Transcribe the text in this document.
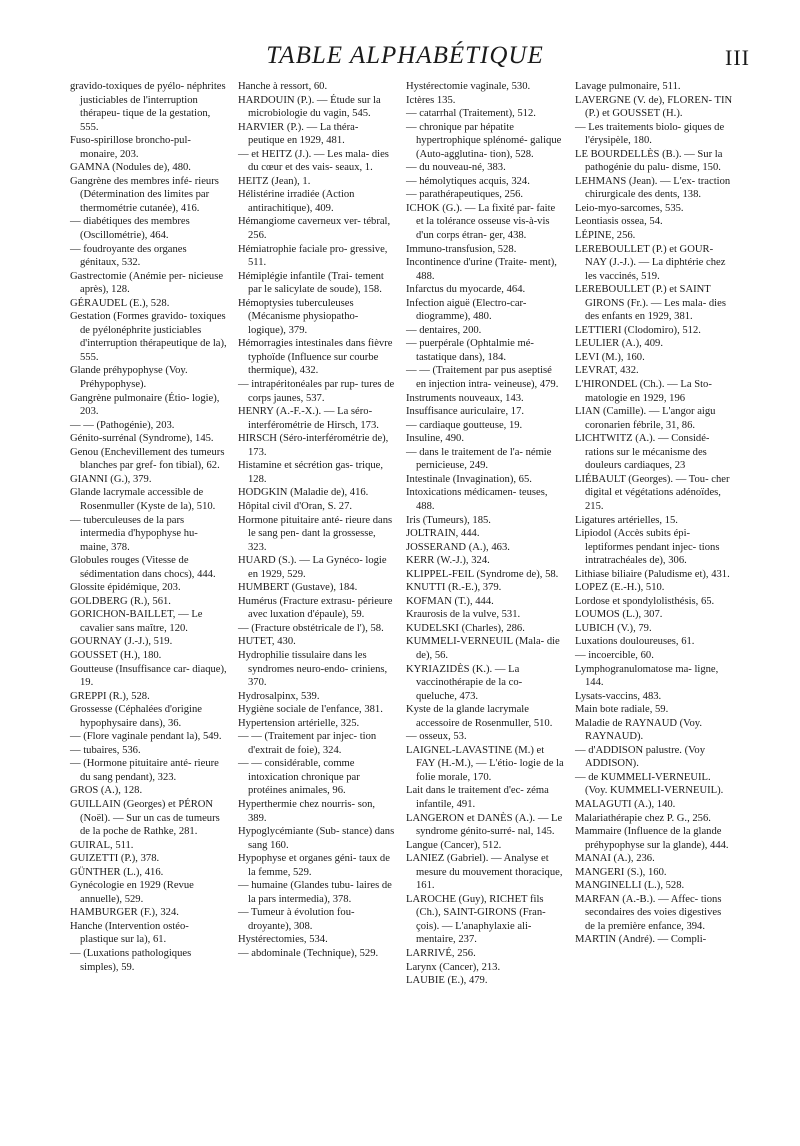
TABLE ALPHABÉTIQUE	III

gravido-toxiques de pyélo- néphrites justiciables de l'interruption thérapeu- tique de la gestation, 555.

Fuso-spirillose broncho-pul- monaire, 203.

GAMNA (Nodules de), 480.

Gangrène des membres infé- rieurs (Détermination des limites par thermométrie cutanée), 416.

— diabétiques des membres (Oscillométrie), 464.

— foudroyante des organes génitaux, 532.

Gastrectomie (Anémie per- nicieuse après), 128.

GÉRAUDEL (E.), 528.

Gestation (Formes gravido- toxiques de pyélonéphrite justiciables d'interruption thérapeutique de la), 555.

Glande préhypophyse (Voy. Préhypophyse).

Gangrène pulmonaire (Étio- logie), 203.

— — (Pathogénie), 203.

Génito-surrénal (Syndrome), 145.

Genou (Enchevillement des tumeurs blanches par gref- fon tibial), 62.

GIANNI (G.), 379.

Glande lacrymale accessible de Rosenmuller (Kyste de la), 510.

— tuberculeuses de la pars intermedia d'hypophyse hu- maine, 378.

Globules rouges (Vitesse de sédimentation dans chocs), 444.

Glossite épidémique, 203.

GOLDBERG (R.), 561.

GORICHON-BAILLET, — Le cavalier sans maître, 120.

GOURNAY (J.-J.), 519.

GOUSSET (H.), 180.

Goutteuse (Insuffisance car- diaque), 19.

GREPPI (R.), 528.

Grossesse (Céphalées d'origine hypophysaire dans), 36.

— (Flore vaginale pendant la), 549.

— tubaires, 536.

— (Hormone pituitaire anté- rieure du sang pendant), 323.

GROS (A.), 128.

GUILLAIN (Georges) et PÉRON (Noël). — Sur un cas de tumeurs de la poche de Rathke, 281.

GUIRAL, 511.

GUIZETTI (P.), 378.

GÜNTHER (L.), 416.

Gynécologie en 1929 (Revue annuelle), 529.

HAMBURGER (F.), 324.

Hanche (Intervention ostéo- plastique sur la), 61.

— (Luxations pathologiques simples), 59.

Hanche à ressort, 60.

HARDOUIN (P.). — Étude sur la microbiologie du vagin, 545.

HARVIER (P.). — La théra- peutique en 1929, 481.

— et HEITZ (J.). — Les mala- dies du cœur et des vais- seaux, 1.

HEITZ (Jean), 1.

Hélistérine irradiée (Action antirachitique), 409.

Hémangiome caverneux ver- tébral, 256.

Hémiatrophie faciale pro- gressive, 511.

Hémiplégie infantile (Trai- tement par le salicylate de soude), 158.

Hémoptysies tuberculeuses (Mécanisme physiopatho- logique), 379.

Hémorragies intestinales dans fièvre typhoïde (Influence sur courbe thermique), 432.

— intrapéritonéales par rup- tures de corps jaunes, 537.

HENRY (A.-F.-X.). — La séro- interférométrie de Hirsch, 173.

HIRSCH (Séro-interférométrie de), 173.

Histamine et sécrétion gas- trique, 128.

HODGKIN (Maladie de), 416.

Hôpital civil d'Oran, S. 27.

Hormone pituitaire anté- rieure dans le sang pen- dant la grossesse, 323.

HUARD (S.). — La Gynéco- logie en 1929, 529.

HUMBERT (Gustave), 184.

Humérus (Fracture extrasu- périeure avec luxation d'épaule), 59.

— (Fracture obstétricale de l'), 58.

HUTET, 430.

Hydrophilie tissulaire dans les syndromes neuro-endo- criniens, 370.

Hydrosalpinx, 539.

Hygiène sociale de l'enfance, 381.

Hypertension artérielle, 325.

— — (Traitement par injec- tion d'extrait de foie), 324.

— — considérable, comme intoxication chronique par protéines animales, 96.

Hyperthermie chez nourris- son, 389.

Hypoglycémiante (Sub- stance) dans sang 160.

Hypophyse et organes géni- taux de la femme, 529.

— humaine (Glandes tubu- laires de la pars intermedia), 378.

— Tumeur à évolution fou- droyante), 308.

Hystérectomies, 534.

— abdominale (Technique), 529.

Hystérectomie vaginale, 530.

Ictères 135.

— catarrhal (Traitement), 512.

— chronique par hépatite hypertrophique splénomé- galique (Auto-agglutina- tion), 528.

— du nouveau-né, 383.

— hémolytiques acquis, 324.

— parathérapeutiques, 256.

ICHOK (G.). — La fixité par- faite et la tolérance osseuse vis-à-vis d'un corps étran- ger, 438.

Immuno-transfusion, 528.

Incontinence d'urine (Traite- ment), 488.

Infarctus du myocarde, 464.

Infection aiguë (Electro-car- diogramme), 480.

— dentaires, 200.

— puerpérale (Ophtalmie mé- tastatique dans), 184.

— — (Traitement par pus aseptisé en injection intra- veineuse), 479.

Instruments nouveaux, 143.

Insuffisance auriculaire, 17.

— cardiaque goutteuse, 19.

Insuline, 490.

— dans le traitement de l'a- némie pernicieuse, 249.

Intestinale (Invagination), 65.

Intoxications médicamen- teuses, 488.

Iris (Tumeurs), 185.

JOLTRAIN, 444.

JOSSERAND (A.), 463.

KERR (W.-J.), 324.

KLIPPEL-FEIL (Syndrome de), 58.

KNUTTI (R.-E.), 379.

KOFMAN (T.), 444.

Kraurosis de la vulve, 531.

KUDELSKI (Charles), 286.

KUMMELI-VERNEUIL (Mala- die de), 56.

KYRIAZIDÈS (K.). — La vaccinothérapie de la co- queluche, 473.

Kyste de la glande lacrymale accessoire de Rosenmuller, 510.

— osseux, 53.

LAIGNEL-LAVASTINE (M.) et FAY (H.-M.), — L'étio- logie de la folie morale, 170.

Lait dans le traitement d'ec- zéma infantile, 491.

LANGERON et DANÈS (A.). — Le syndrome génito-surré- nal, 145.

Langue (Cancer), 512.

LANIEZ (Gabriel). — Analyse et mesure du mouvement thoracique, 161.

LAROCHE (Guy), RICHET fils (Ch.), SAINT-GIRONS (Fran- çois). — L'anaphylaxie ali- mentaire, 237.

LARRIVÉ, 256.

Larynx (Cancer), 213.

LAUBIE (E.), 479.

Lavage pulmonaire, 511.

LAVERGNE (V. de), FLOREN- TIN (P.) et GOUSSET (H.).

— Les traitements biolo- giques de l'érysipèle, 180.

LE BOURDELLÈS (B.). — Sur la pathogénie du palu- disme, 150.

LEHMANS (Jean). — L'ex- traction chirurgicale des dents, 138.

Leio-myo-sarcomes, 535.

Leontiasis ossea, 54.

LÉPINE, 256.

LEREBOULLET (P.) et GOUR- NAY (J.-J.). — La diphtérie chez les vaccinés, 519.

LEREBOULLET (P.) et SAINT GIRONS (Fr.). — Les mala- dies des enfants en 1929, 381.

LETTIERI (Clodomiro), 512.

LEULIER (A.), 409.

LEVI (M.), 160.

LEVRAT, 432.

L'HIRONDEL (Ch.). — La Sto- matologie en 1929, 196

LIAN (Camille). — L'angor aigu coronarien fébrile, 31, 86.

LICHTWITZ (A.). — Considé- rations sur le mécanisme des douleurs cardiaques, 23

LIÉBAULT (Georges). — Tou- cher digital et végétations adénoïdes, 215.

Ligatures artérielles, 15.

Lipiodol (Accès subits épi- leptiformes pendant injec- tions intratrachéales de), 306.

Lithiase biliaire (Paludisme et), 431.

LOPEZ (E.-H.), 510.

Lordose et spondylolisthésis, 65.

LOUMOS (L.), 307.

LUBICH (V.), 79.

Luxations douloureuses, 61.

— incoercible, 60.

Lymphogranulomatose ma- ligne, 144.

Lysats-vaccins, 483.

Main bote radiale, 59.

Maladie de RAYNAUD (Voy. RAYNAUD).

— d'ADDISON palustre. (Voy ADDISON).

— de KUMMELI-VERNEUIL. (Voy. KUMMELI-VERNEUIL).

MALAGUTI (A.), 140.

Malariathérapie chez P. G., 256.

Mammaire (Influence de la glande préhypophyse sur la glande), 444.

MANAI (A.), 236.

MANGERI (S.), 160.

MANGINELLI (L.), 528.

MARFAN (A.-B.). — Affec- tions secondaires des voies digestives de la première enfance, 394.

MARTIN (André). — Compli-
